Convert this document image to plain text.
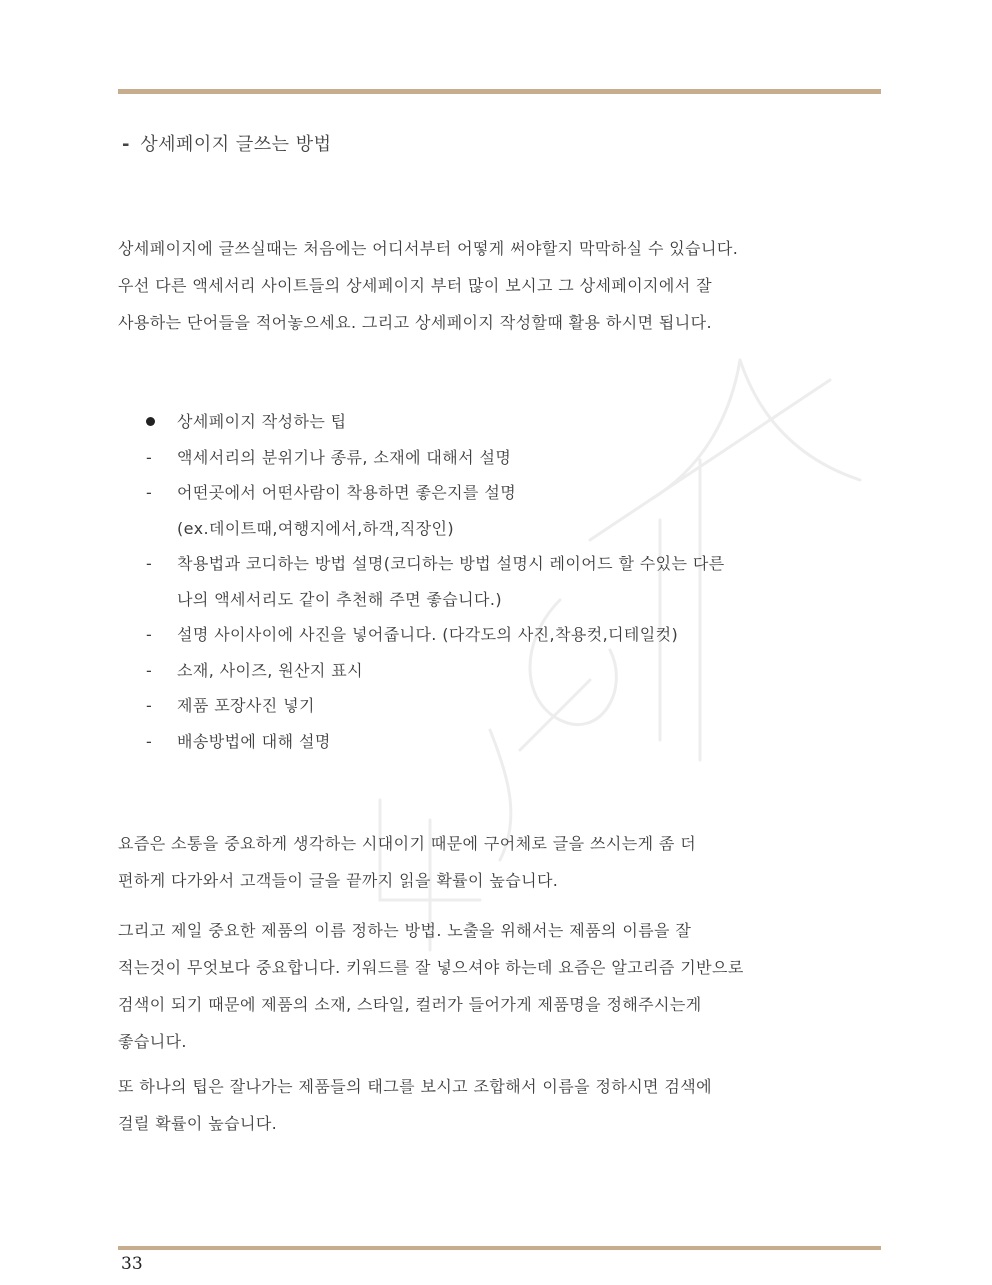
- 상세페이지 글쓰는 방법
상세페이지에 글쓰실때는 처음에는 어디서부터 어떻게 써야할지 막막하실 수 있습니다.
우선 다른 액세서리 사이트들의 상세페이지 부터 많이 보시고 그 상세페이지에서 잘
사용하는 단어들을 적어놓으세요. 그리고 상세페이지 작성할때 활용 하시면 됩니다.
상세페이지 작성하는 팁
-	액세서리의 분위기나 종류, 소재에 대해서 설명
-	어떤곳에서 어떤사람이 착용하면 좋은지를 설명
(ex.데이트때,여행지에서,하객,직장인)
-	착용법과 코디하는 방법 설명(코디하는 방법 설명시 레이어드 할 수있는 다른
나의 액세서리도 같이 추천해 주면 좋습니다.)
-	설명 사이사이에 사진을 넣어줍니다. (다각도의 사진,착용컷,디테일컷)
-	소재, 사이즈, 원산지 표시
-	제품 포장사진 넣기
-	배송방법에 대해 설명
요즘은 소통을 중요하게 생각하는 시대이기 때문에 구어체로 글을 쓰시는게 좀 더
편하게 다가와서 고객들이 글을 끝까지 읽을 확률이 높습니다.
그리고 제일 중요한 제품의 이름 정하는 방법. 노출을 위해서는 제품의 이름을 잘
적는것이 무엇보다 중요합니다. 키워드를 잘 넣으셔야 하는데 요즘은 알고리즘 기반으로
검색이 되기 때문에 제품의 소재, 스타일, 컬러가 들어가게 제품명을 정해주시는게
좋습니다.
또 하나의 팁은 잘나가는 제품들의 태그를 보시고 조합해서 이름을 정하시면 검색에
걸릴 확률이 높습니다.
33
